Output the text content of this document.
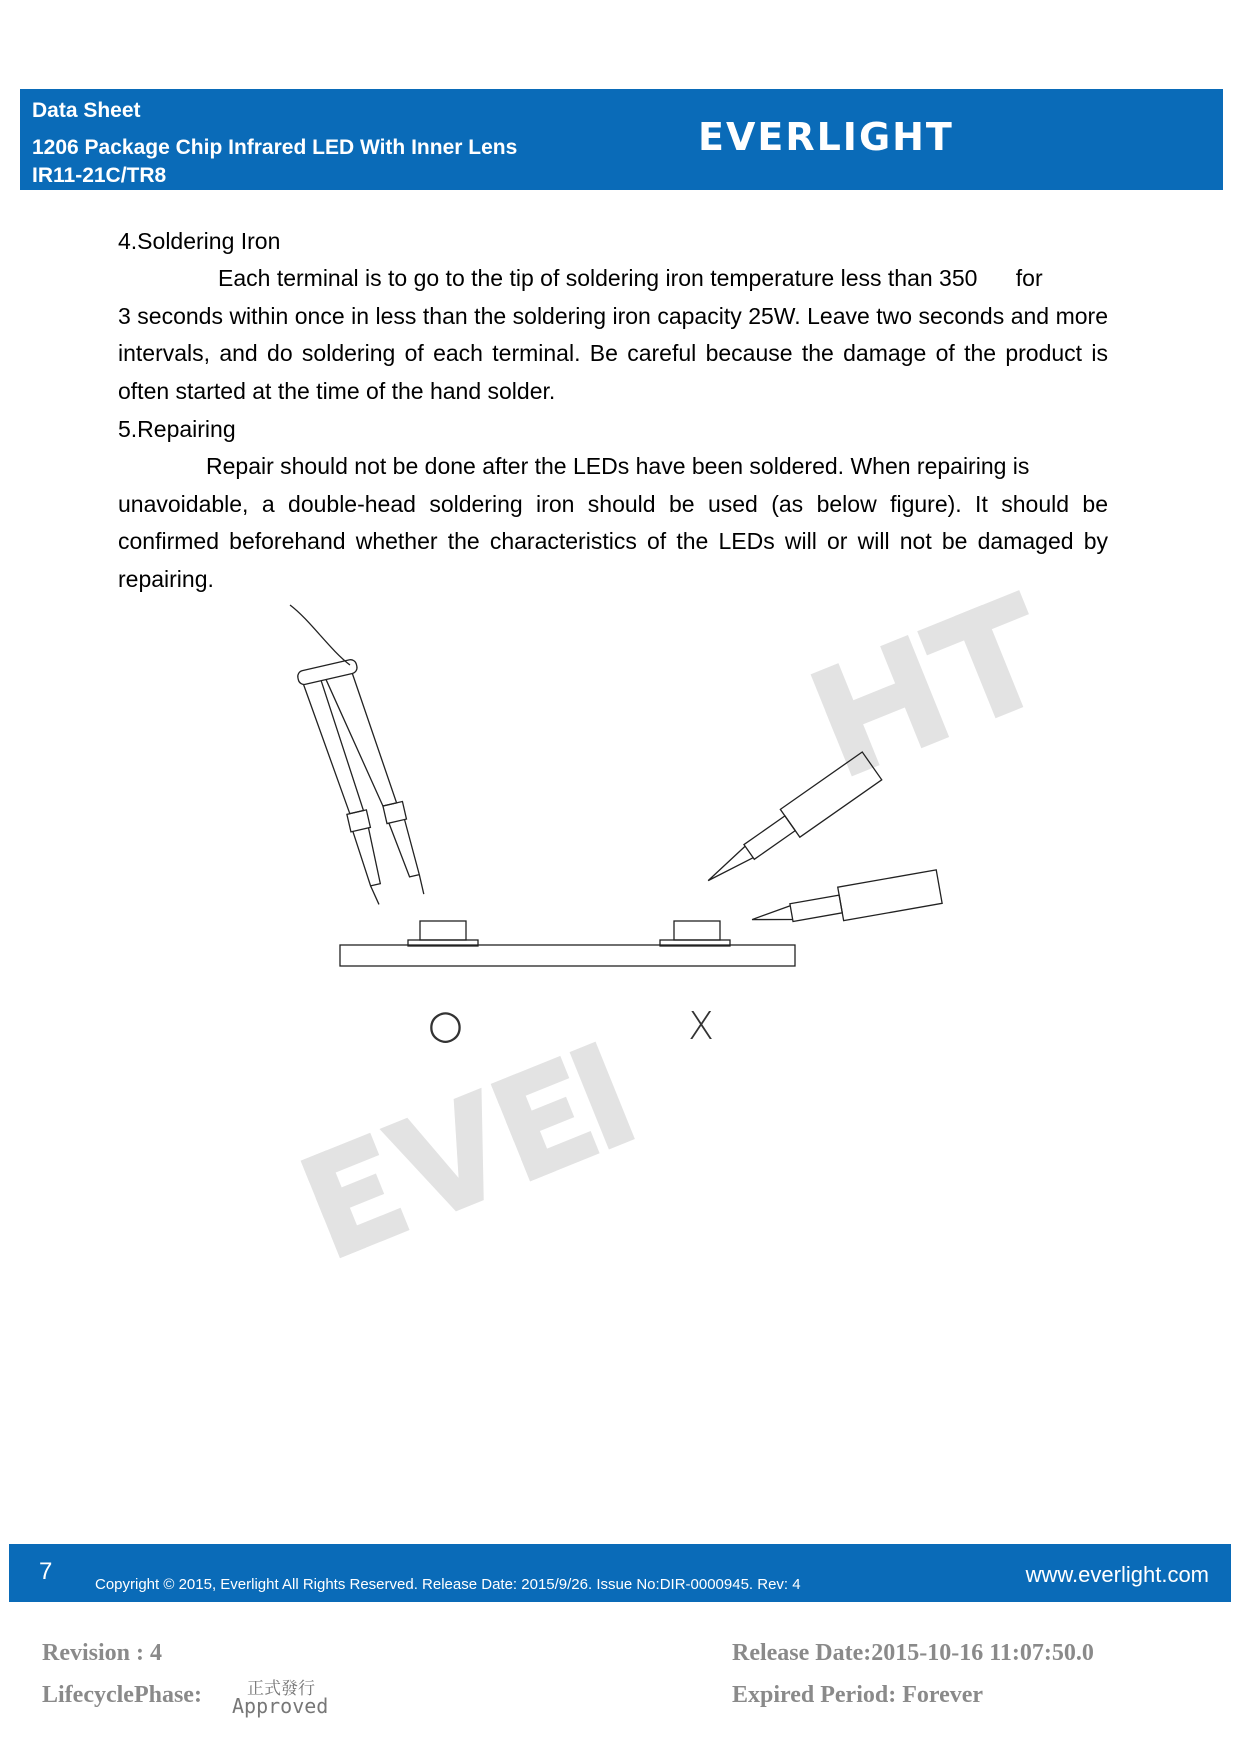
Data Sheet
1206 Package Chip Infrared LED With Inner Lens
IR11-21C/TR8
EVERLIGHT
4.Soldering Iron
Each terminal is to go to the tip of soldering iron temperature less than 350      for
3 seconds within once in less than the soldering iron capacity 25W. Leave two seconds and more intervals, and do soldering of each terminal. Be careful because the damage of the product is often started at the time of the hand solder.
5.Repairing
Repair should not be done after the LEDs have been soldered. When repairing is
unavoidable, a double-head soldering iron should be used (as below figure). It should be confirmed beforehand whether the characteristics of the LEDs will or will not be damaged by repairing.
○	X
7	Copyright © 2015, Everlight All Rights Reserved. Release Date: 2015/9/26. Issue No:DIR-0000945. Rev: 4	www.everlight.com
Revision : 4
LifecyclePhase:	正式發行
Approved
Release Date:2015-10-16 11:07:50.0
Expired Period: Forever
